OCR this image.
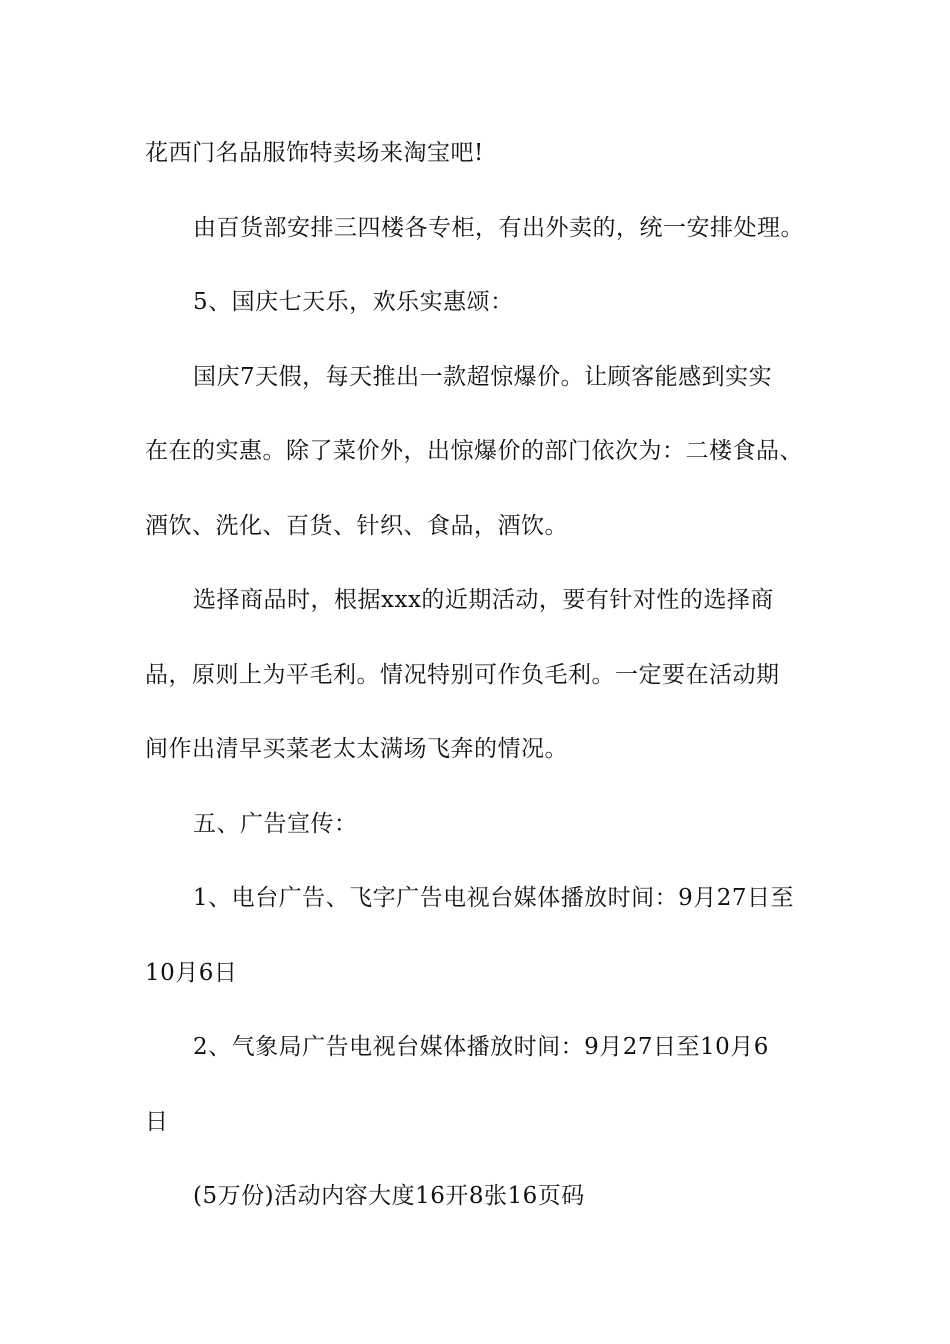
花西门名品服饰特卖场来淘宝吧!
由百货部安排三四楼各专柜，有出外卖的，统一安排处理。
5、国庆七天乐，欢乐实惠颂：
国庆7天假，每天推出一款超惊爆价。让顾客能感到实实
在在的实惠。除了菜价外，出惊爆价的部门依次为：二楼食品、
酒饮、洗化、百货、针织、食品，酒饮。
选择商品时，根据xxx的近期活动，要有针对性的选择商
品，原则上为平毛利。情况特别可作负毛利。一定要在活动期
间作出清早买菜老太太满场飞奔的情况。
五、广告宣传：
1、电台广告、飞字广告电视台媒体播放时间：9月27日至
10月6日
2、气象局广告电视台媒体播放时间：9月27日至10月6
日
(5万份)活动内容大度16开8张16页码
